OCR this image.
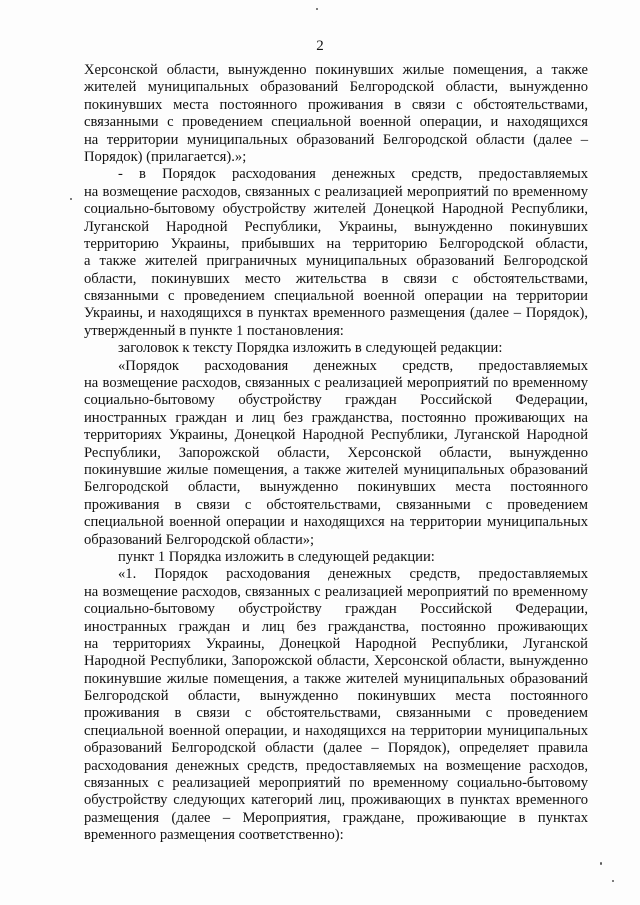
2
Херсонской области, вынужденно покинувших жилые помещения, а также
жителей муниципальных образований Белгородской области, вынужденно
покинувших места постоянного проживания в связи с обстоятельствами,
связанными с проведением специальной военной операции, и находящихся
на территории муниципальных образований Белгородской области (далее –
Порядок) (прилагается).»;
- в Порядок расходования денежных средств, предоставляемых
на возмещение расходов, связанных с реализацией мероприятий по временному
социально-бытовому обустройству жителей Донецкой Народной Республики,
Луганской Народной Республики, Украины, вынужденно покинувших
территорию Украины, прибывших на территорию Белгородской области,
а также жителей приграничных муниципальных образований Белгородской
области, покинувших место жительства в связи с обстоятельствами,
связанными с проведением специальной военной операции на территории
Украины, и находящихся в пунктах временного размещения (далее – Порядок),
утвержденный в пункте 1 постановления:
заголовок к тексту Порядка изложить в следующей редакции:
«Порядок расходования денежных средств, предоставляемых
на возмещение расходов, связанных с реализацией мероприятий по временному
социально-бытовому обустройству граждан Российской Федерации,
иностранных граждан и лиц без гражданства, постоянно проживающих на
территориях Украины, Донецкой Народной Республики, Луганской Народной
Республики, Запорожской области, Херсонской области, вынужденно
покинувшие жилые помещения, а также жителей муниципальных образований
Белгородской области, вынужденно покинувших места постоянного
проживания в связи с обстоятельствами, связанными с проведением
специальной военной операции и находящихся на территории муниципальных
образований Белгородской области»;
пункт 1 Порядка изложить в следующей редакции:
«1. Порядок расходования денежных средств, предоставляемых
на возмещение расходов, связанных с реализацией мероприятий по временному
социально-бытовому обустройству граждан Российской Федерации,
иностранных граждан и лиц без гражданства, постоянно проживающих
на территориях Украины, Донецкой Народной Республики, Луганской
Народной Республики, Запорожской области, Херсонской области, вынужденно
покинувшие жилые помещения, а также жителей муниципальных образований
Белгородской области, вынужденно покинувших места постоянного
проживания в связи с обстоятельствами, связанными с проведением
специальной военной операции, и находящихся на территории муниципальных
образований Белгородской области (далее – Порядок), определяет правила
расходования денежных средств, предоставляемых на возмещение расходов,
связанных с реализацией мероприятий по временному социально-бытовому
обустройству следующих категорий лиц, проживающих в пунктах временного
размещения (далее – Мероприятия, граждане, проживающие в пунктах
временного размещения соответственно):
